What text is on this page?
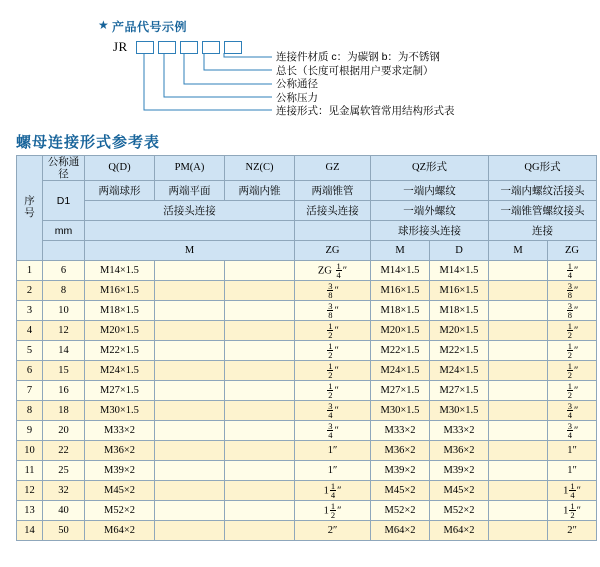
★ 产品代号示例
JR
连接件材质 c：为碳钢 b：为不锈钢
总长（长度可根据用户要求定制）
公称通径
公称压力
连接形式：见金属软管常用结构形式表
螺母连接形式参考表
序
号	公称通径	Q(D)	PM(A)	NZ(C)	GZ	QZ形式		QG形式	
	D1	两端球形	两端平面	两端内锥	两端锥管	一端内螺纹		一端内螺纹活接头	
		活接头连接			活接头连接	一端外螺纹		一端锥管螺纹接头	
	mm					球形接头连接		连接	
		M			ZG	M	D	M	ZG
1	6	M14×1.5			ZG $\frac{1}{4}$ ″	M14×1.5	M14×1.5		$\frac{1}{4}$ ″
2	8	M16×1.5			$\frac{3}{8}$ ″	M16×1.5	M16×1.5		$\frac{3}{8}$ ″
3	10	M18×1.5			$\frac{3}{8}$ ″	M18×1.5	M18×1.5		$\frac{3}{8}$ ″
4	12	M20×1.5			$\frac{1}{2}$ ″	M20×1.5	M20×1.5		$\frac{1}{2}$ ″
5	14	M22×1.5			$\frac{1}{2}$ ″	M22×1.5	M22×1.5		$\frac{1}{2}$ ″
6	15	M24×1.5			$\frac{1}{2}$ ″	M24×1.5	M24×1.5		$\frac{1}{2}$ ″
7	16	M27×1.5			$\frac{1}{2}$ ″	M27×1.5	M27×1.5		$\frac{1}{2}$ ″
8	18	M30×1.5			$\frac{3}{4}$ ″	M30×1.5	M30×1.5		$\frac{3}{4}$ ″
9	20	M33×2			$\frac{3}{4}$ ″	M33×2	M33×2		$\frac{3}{4}$ ″
10	22	M36×2			1″	M36×2	M36×2		1″
11	25	M39×2			1″	M39×2	M39×2		1″
12	32	M45×2			$1 \frac{1}{4}$ ″	M45×2	M45×2		$1 \frac{1}{4}$ ″
13	40	M52×2			$1 \frac{1}{2}$ ″	M52×2	M52×2		$1 \frac{1}{2}$ ″
14	50	M64×2			2″	M64×2	M64×2		2″
